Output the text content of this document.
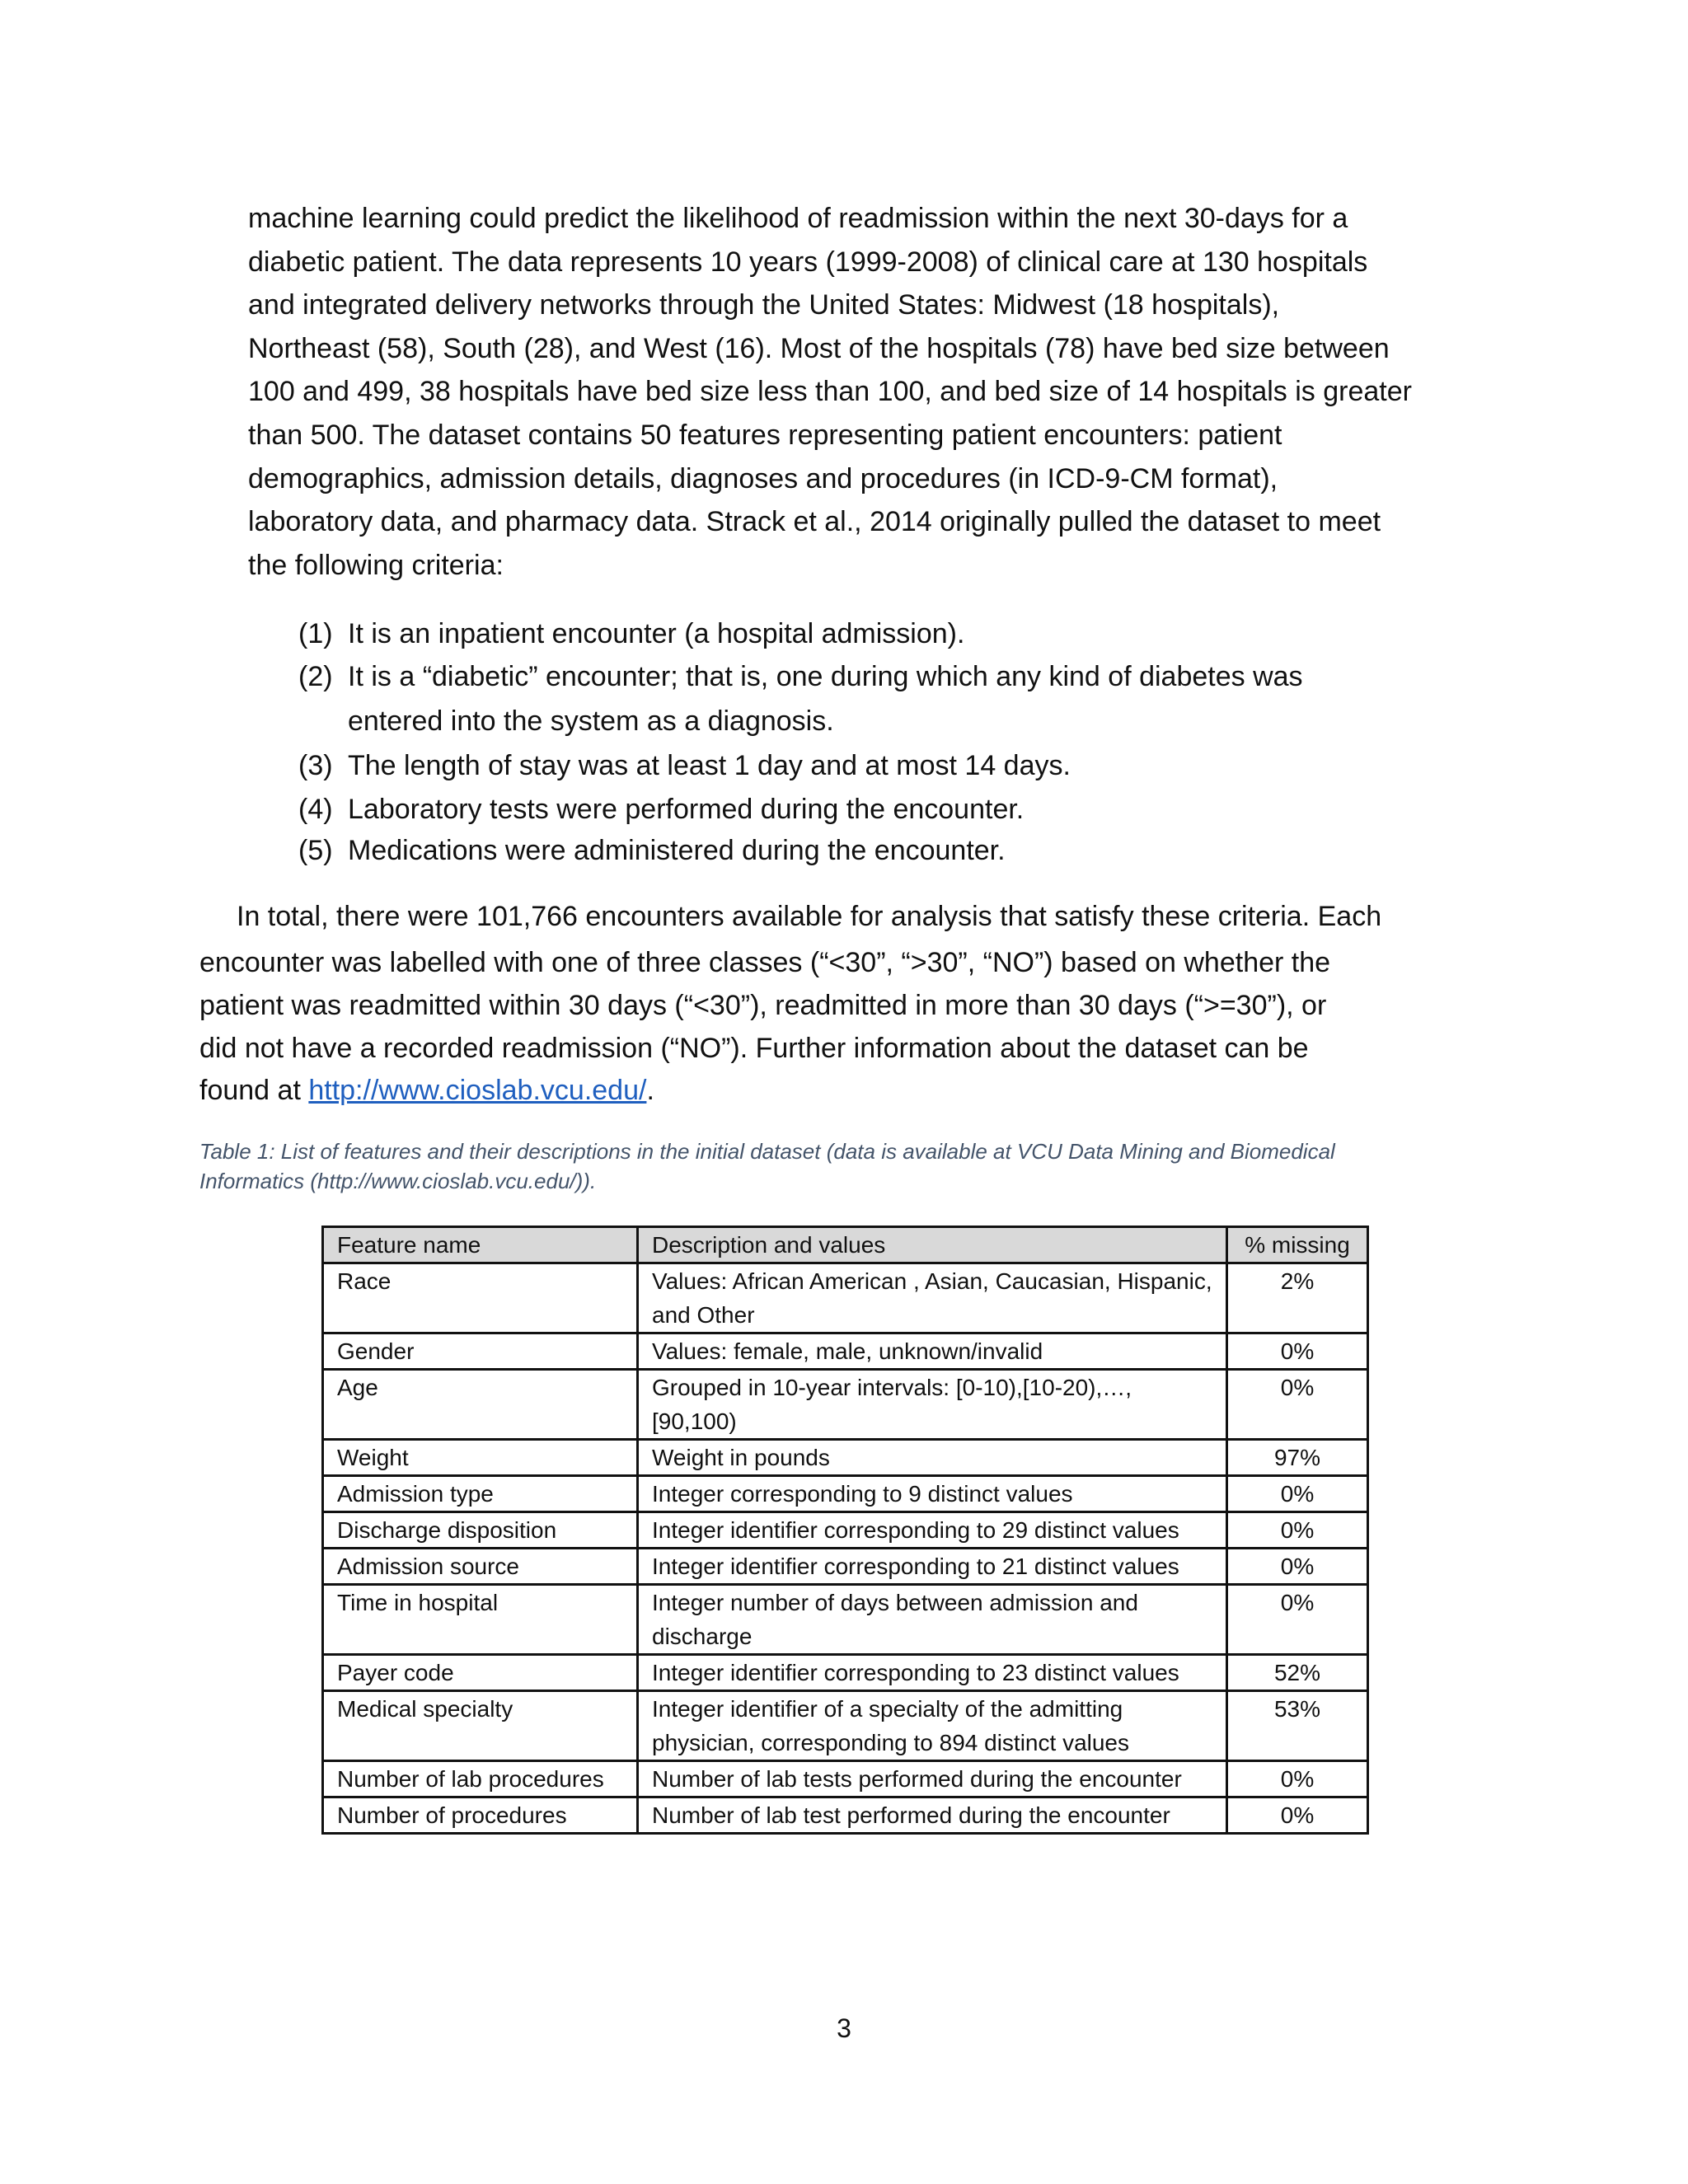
machine learning could predict the likelihood of readmission within the next 30-days for a
diabetic patient. The data represents 10 years (1999-2008) of clinical care at 130 hospitals
and integrated delivery networks through the United States: Midwest (18 hospitals),
Northeast (58), South (28), and West (16). Most of the hospitals (78) have bed size between
100 and 499, 38 hospitals have bed size less than 100, and bed size of 14 hospitals is greater
than 500. The dataset contains 50 features representing patient encounters: patient
demographics, admission details, diagnoses and procedures (in ICD-9-CM format),
laboratory data, and pharmacy data. Strack et al., 2014 originally pulled the dataset to meet
the following criteria:
(1) It is an inpatient encounter (a hospital admission).
(2) It is a “diabetic” encounter; that is, one during which any kind of diabetes was
entered into the system as a diagnosis.
(3) The length of stay was at least 1 day and at most 14 days.
(4) Laboratory tests were performed during the encounter.
(5) Medications were administered during the encounter.
In total, there were 101,766 encounters available for analysis that satisfy these criteria. Each
encounter was labelled with one of three classes (“<30”, “>30”, “NO”) based on whether the
patient was readmitted within 30 days (“<30”), readmitted in more than 30 days (“>=30”), or
did not have a recorded readmission (“NO”). Further information about the dataset can be
found at http://www.cioslab.vcu.edu/.
Table 1: List of features and their descriptions in the initial dataset (data is available at VCU Data Mining and Biomedical
Informatics (http://www.cioslab.vcu.edu/)).
Feature name	Description and values	% missing
Race	Values: African American , Asian, Caucasian, Hispanic, and Other	2%
Gender	Values: female, male, unknown/invalid	0%
Age	Grouped in 10-year intervals: [0-10),[10-20),…,[90,100)	0%
Weight	Weight in pounds	97%
Admission type	Integer corresponding to 9 distinct values	0%
Discharge disposition	Integer identifier corresponding to 29 distinct values	0%
Admission source	Integer identifier corresponding to 21 distinct values	0%
Time in hospital	Integer number of days between admission and discharge	0%
Payer code	Integer identifier corresponding to 23 distinct values	52%
Medical specialty	Integer identifier of a specialty of the admitting physician, corresponding to 894 distinct values	53%
Number of lab procedures	Number of lab tests performed during the encounter	0%
Number of procedures	Number of lab test performed during the encounter	0%
3
